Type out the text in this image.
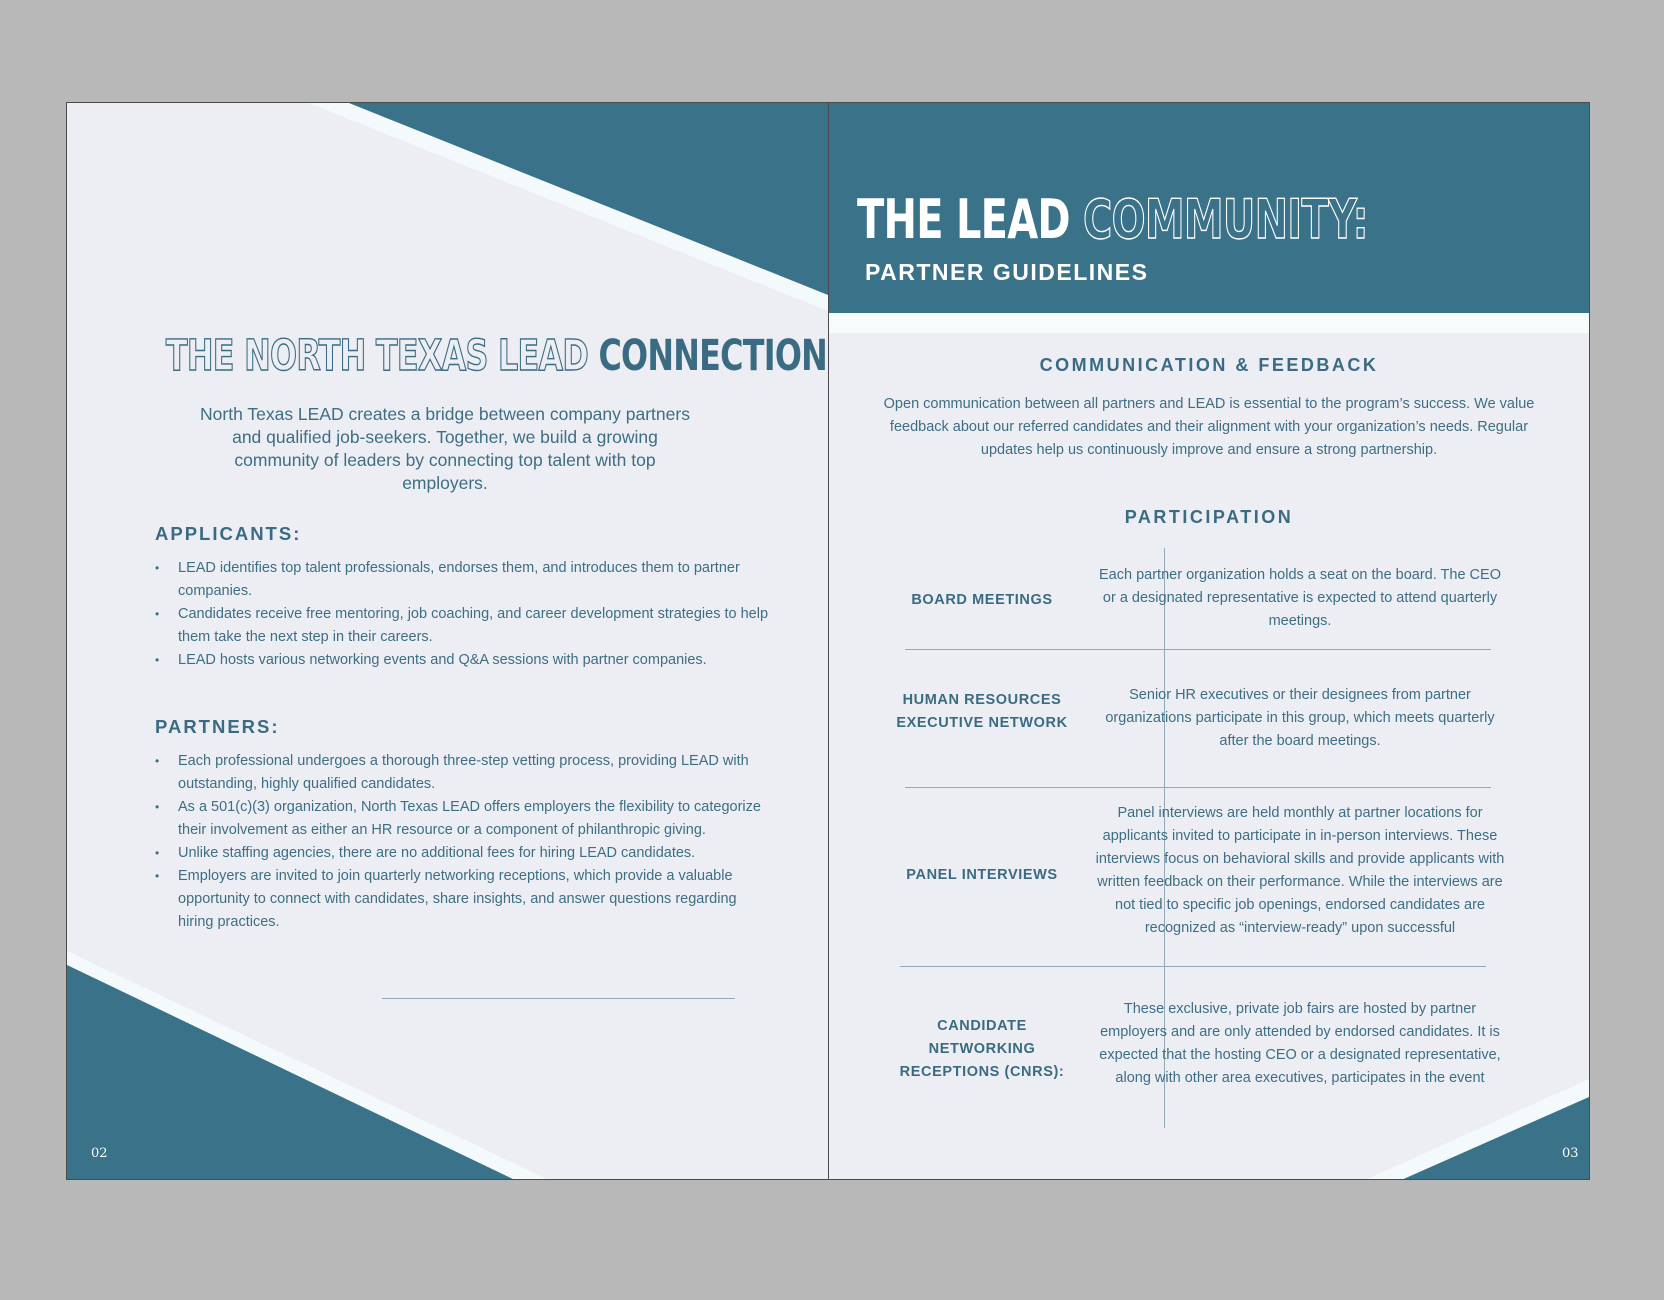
THE NORTH TEXAS LEAD CONNECTION
North Texas LEAD creates a bridge between company partners and qualified job-seekers. Together, we build a growing community of leaders by connecting top talent with top employers.
APPLICANTS:
• LEAD identifies top talent professionals, endorses them, and introduces them to partner companies.
• Candidates receive free mentoring, job coaching, and career development strategies to help them take the next step in their careers.
• LEAD hosts various networking events and Q&A sessions with partner companies.
PARTNERS:
• Each professional undergoes a thorough three-step vetting process, providing LEAD with outstanding, highly qualified candidates.
• As a 501(c)(3) organization, North Texas LEAD offers employers the flexibility to categorize their involvement as either an HR resource or a component of philanthropic giving.
• Unlike staffing agencies, there are no additional fees for hiring LEAD candidates.
• Employers are invited to join quarterly networking receptions, which provide a valuable opportunity to connect with candidates, share insights, and answer questions regarding hiring practices.
02
THE LEAD COMMUNITY:
PARTNER GUIDELINES
COMMUNICATION & FEEDBACK
Open communication between all partners and LEAD is essential to the program’s success. We value feedback about our referred candidates and their alignment with your organization’s needs. Regular updates help us continuously improve and ensure a strong partnership.
PARTICIPATION
BOARD MEETINGS
Each partner organization holds a seat on the board. The CEO or a designated representative is expected to attend quarterly meetings.
HUMAN RESOURCES EXECUTIVE NETWORK
Senior HR executives or their designees from partner organizations participate in this group, which meets quarterly after the board meetings.
PANEL INTERVIEWS
Panel interviews are held monthly at partner locations for applicants invited to participate in in-person interviews. These interviews focus on behavioral skills and provide applicants with written feedback on their performance. While the interviews are not tied to specific job openings, endorsed candidates are recognized as “interview-ready” upon successful
CANDIDATE NETWORKING RECEPTIONS (CNRS):
These exclusive, private job fairs are hosted by partner employers and are only attended by endorsed candidates. It is expected that the hosting CEO or a designated representative, along with other area executives, participates in the event
03
